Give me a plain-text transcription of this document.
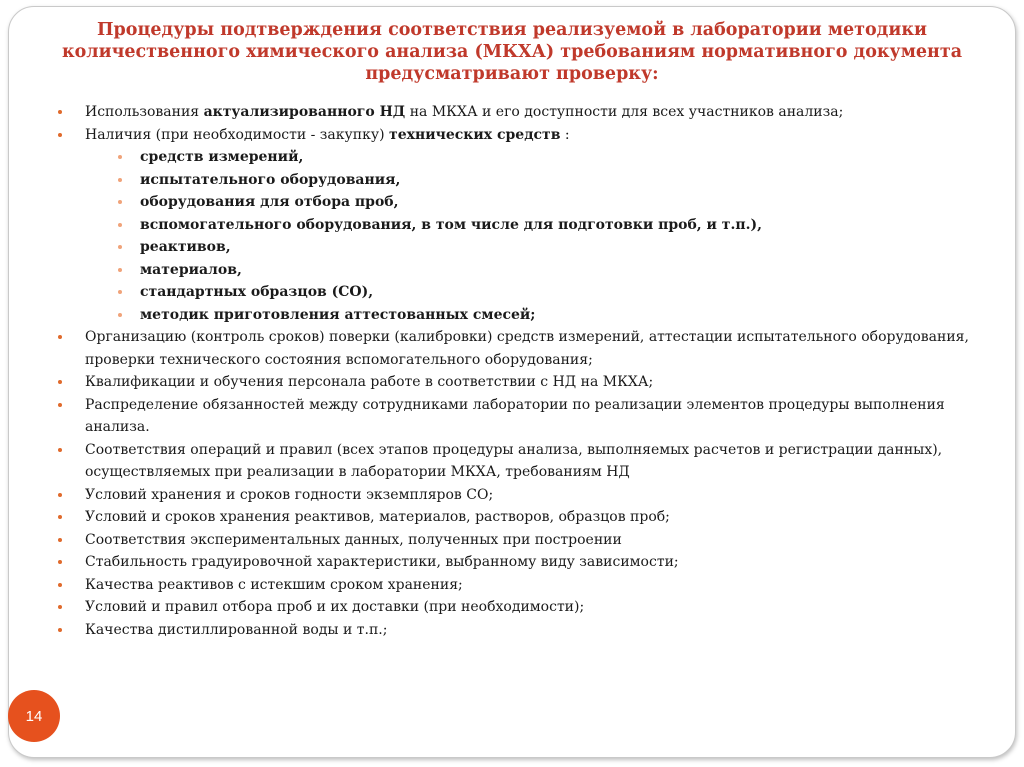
Процедуры подтверждения соответствия реализуемой в лаборатории методики
количественного химического анализа (МКХА) требованиям нормативного документа
предусматривают проверку:
Использования актуализированного НД на МКХА и его доступности для всех участников анализа;
Наличия (при необходимости - закупку) технических средств :
средств измерений,
испытательного оборудования,
оборудования для отбора проб,
вспомогательного оборудования, в том числе для подготовки проб, и т.п.),
реактивов,
материалов,
стандартных образцов (СО),
методик приготовления аттестованных смесей;
Организацию (контроль сроков) поверки (калибровки) средств измерений, аттестации испытательного оборудования, проверки технического состояния вспомогательного оборудования;
Квалификации и обучения персонала работе в соответствии с НД на МКХА;
Распределение обязанностей между сотрудниками лаборатории по реализации элементов процедуры выполнения анализа.
Соответствия операций и правил (всех этапов процедуры анализа, выполняемых расчетов и регистрации данных), осуществляемых при реализации в лаборатории МКХА, требованиям НД
Условий хранения и сроков годности экземпляров СО;
Условий и сроков хранения реактивов, материалов, растворов, образцов проб;
Соответствия экспериментальных данных, полученных при построении
Стабильность градуировочной характеристики, выбранному виду зависимости;
Качества реактивов с истекшим сроком хранения;
Условий и правил отбора проб и их доставки (при необходимости);
Качества дистиллированной воды и т.п.;
14
